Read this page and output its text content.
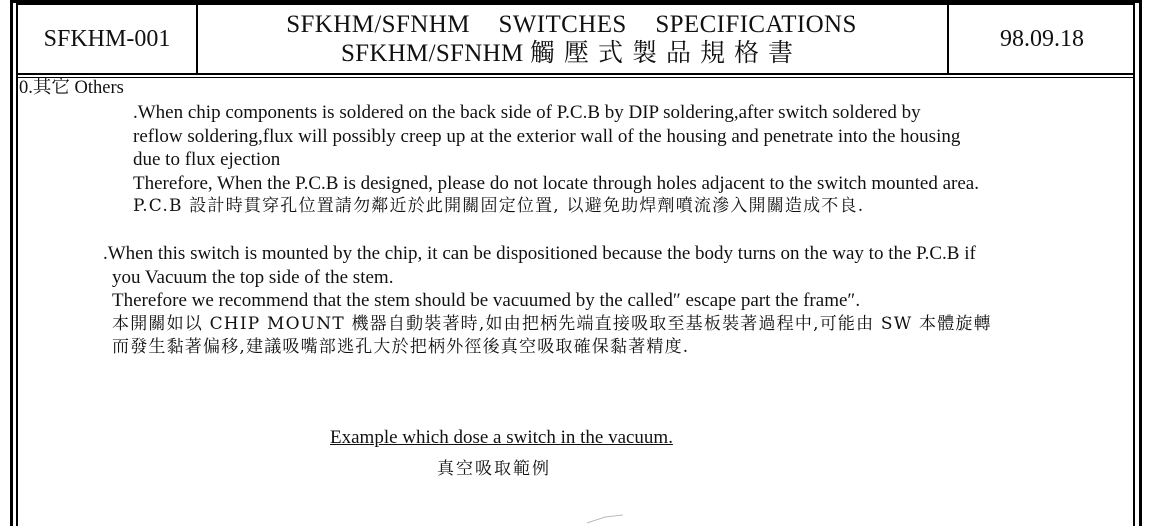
SFKHM-001
SFKHM/SFNHM SWITCHES SPECIFICATIONS
SFKHM/SFNHM 觸壓式製品規格書
98.09.18
0.其它 Others
.When chip components is soldered on the back side of P.C.B by DIP soldering,after switch soldered by
reflow soldering,flux will possibly creep up at the exterior wall of the housing and penetrate into the housing
due to flux ejection
Therefore, When the P.C.B is designed, please do not locate through holes adjacent to the switch mounted area.
P.C.B 設計時貫穿孔位置請勿鄰近於此開關固定位置, 以避免助焊劑噴流滲入開關造成不良.
.When this switch is mounted by the chip, it can be dispositioned because the body turns on the way to the P.C.B if
you Vacuum the top side of the stem.
Therefore we recommend that the stem should be vacuumed by the called″ escape part the frame″.
本開關如以 CHIP MOUNT 機器自動裝著時,如由把柄先端直接吸取至基板裝著過程中,可能由 SW 本體旋轉
而發生黏著偏移,建議吸嘴部逃孔大於把柄外徑後真空吸取確保黏著精度.
Example which dose a switch in the vacuum.
真空吸取範例
